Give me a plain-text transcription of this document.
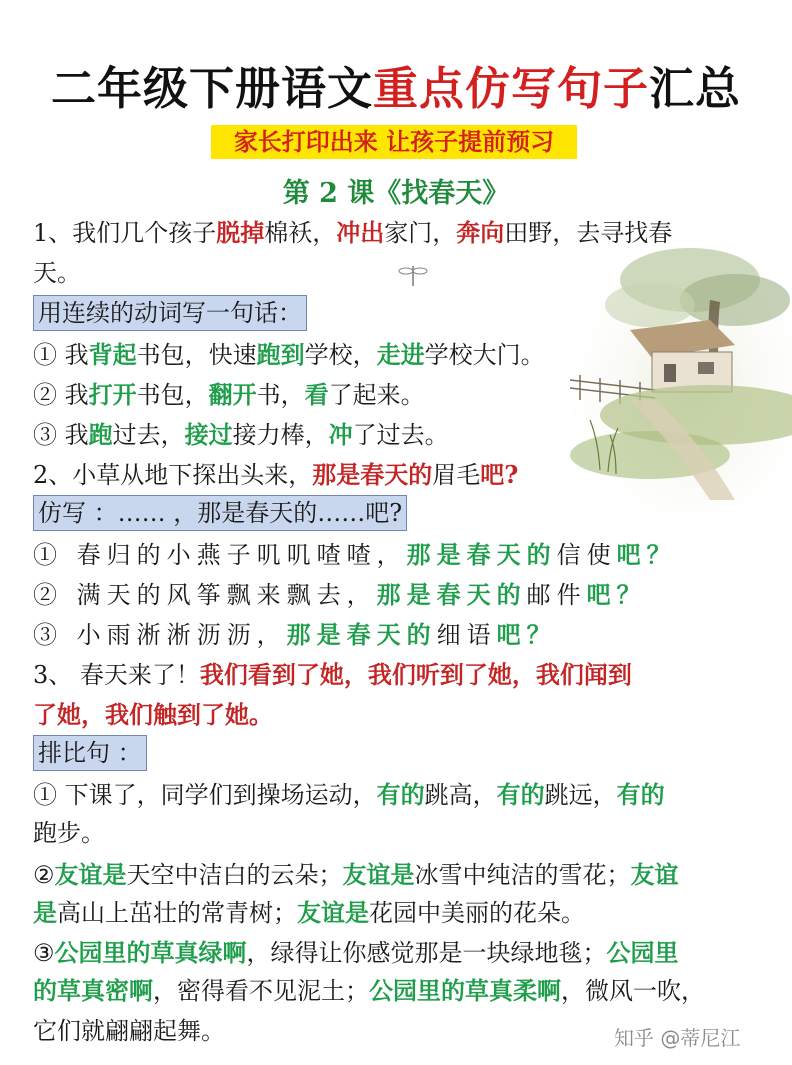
二年级下册语文重点仿写句子汇总
家长打印出来 让孩子提前预习
第 2 课《找春天》
1、我们几个孩子脱掉棉袄，冲出家门，奔向田野，去寻找春
天。
用连续的动词写一句话：
① 我背起书包，快速跑到学校，走进学校大门。
② 我打开书包，翻开书，看了起来。
③ 我跑过去，接过接力棒，冲了过去。
2、小草从地下探出头来，那是春天的眉毛吧?
仿写 ：…… ，那是春天的……吧?
① 春归的小燕子叽叽喳喳，那是春天的信使吧？
② 满天的风筝飘来飘去，那是春天的邮件吧？
③ 小雨淅淅沥沥，那是春天的细语吧？
3、 春天来了！我们看到了她，我们听到了她，我们闻到
了她，我们触到了她。
排比句 ：
① 下课了，同学们到操场运动，有的跳高，有的跳远，有的
跑步。
②友谊是天空中洁白的云朵；友谊是冰雪中纯洁的雪花；友谊
是高山上茁壮的常青树；友谊是花园中美丽的花朵。
③公园里的草真绿啊，绿得让你感觉那是一块绿地毯；公园里
的草真密啊，密得看不见泥土；公园里的草真柔啊，微风一吹，
它们就翩翩起舞。	知乎 @蒂尼江
